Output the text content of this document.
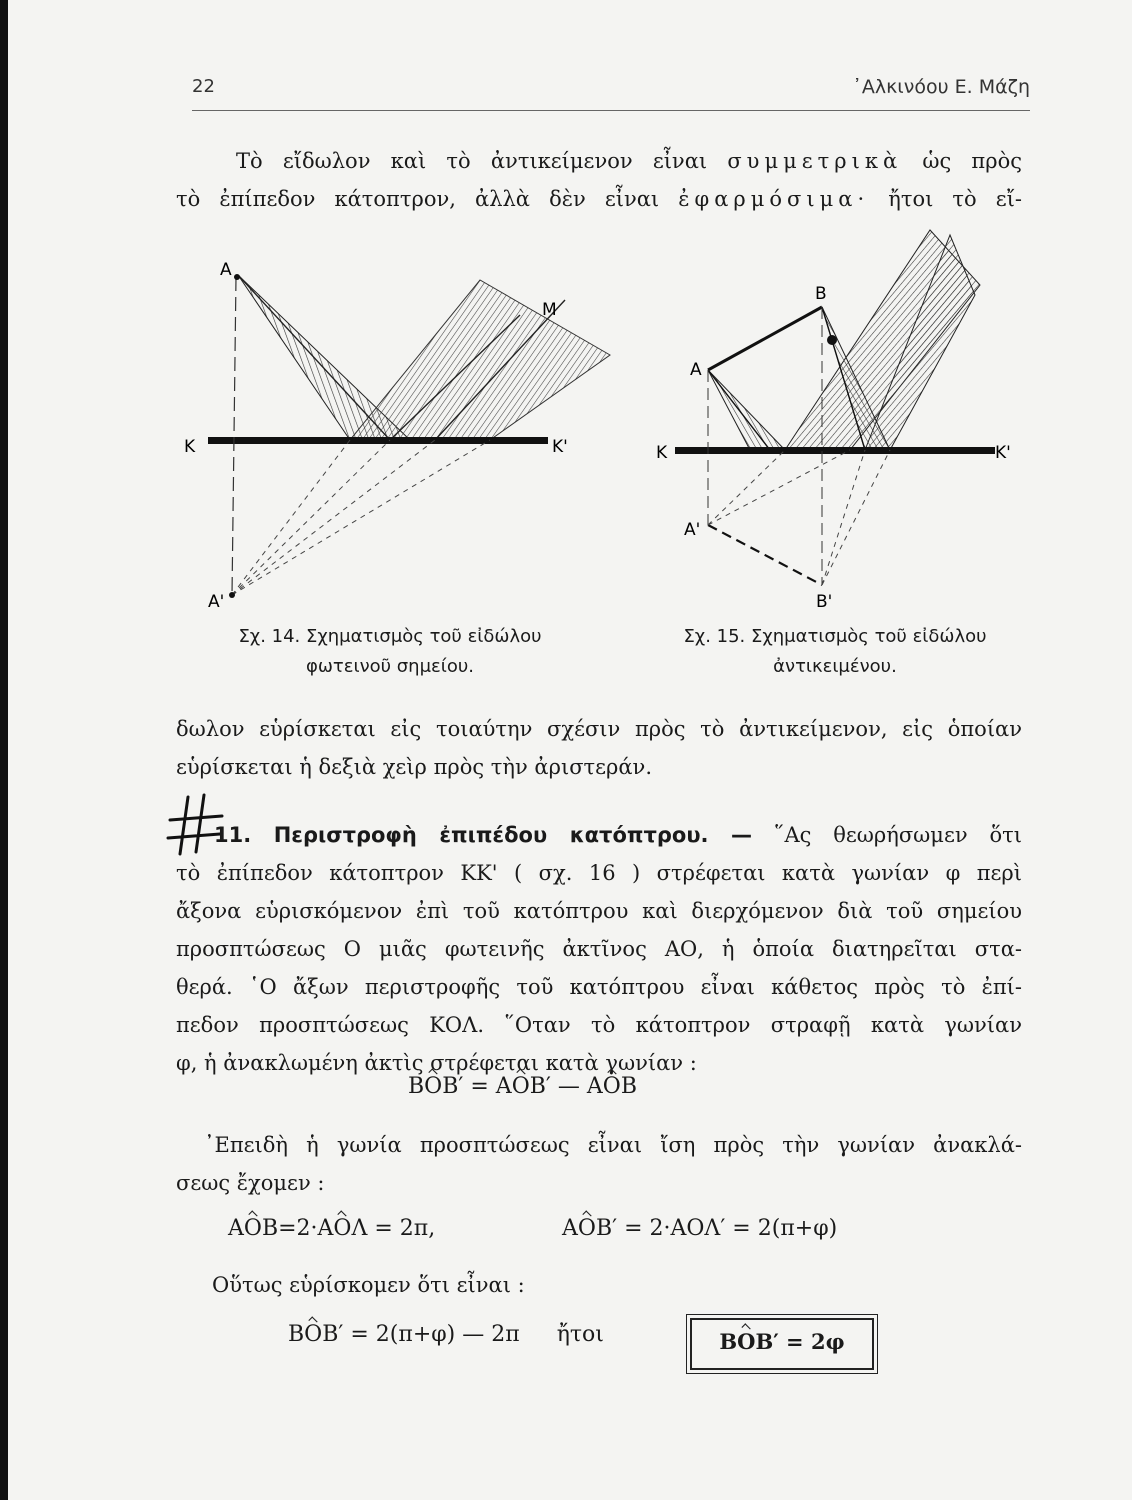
22	᾿Αλκινόου Ε. Μάζη
Τὸ εἴδωλον καὶ τὸ ἀντικείμενον εἶναι συμμετρικὰ ὡς πρὸς
τὸ ἐπίπεδον κάτοπτρον, ἀλλὰ δὲν εἶναι ἐφαρμόσιμα· ἤτοι τὸ εἴ-
A
A'
K	K'
M
A
B
A'
B'
K	K'
Σχ. 14. Σχηματισμὸς τοῦ εἰδώλου
φωτεινοῦ σημείου.
Σχ. 15. Σχηματισμὸς τοῦ εἰδώλου
ἀντικειμένου.
δωλον εὑρίσκεται εἰς τοιαύτην σχέσιν πρὸς τὸ ἀντικείμενον, εἰς ὁποίαν
εὑρίσκεται ἡ δεξιὰ χεὶρ πρὸς τὴν ἀριστεράν.
11. Περιστροφὴ ἐπιπέδου κατόπτρου. — ῞Ας θεωρήσωμεν ὅτι
τὸ ἐπίπεδον κάτοπτρον ΚΚ' ( σχ. 16 ) στρέφεται κατὰ γωνίαν φ περὶ
ἄξονα εὑρισκόμενον ἐπὶ τοῦ κατόπτρου καὶ διερχόμενον διὰ τοῦ σημείου
προσπτώσεως Ο μιᾶς φωτεινῆς ἀκτῖνος ΑΟ, ἡ ὁποία διατηρεῖται στα-
θερά. ῾Ο ἄξων περιστροφῆς τοῦ κατόπτρου εἶναι κάθετος πρὸς τὸ ἐπί-
πεδον προσπτώσεως ΚΟΛ. ῞Οταν τὸ κάτοπτρον στραφῇ κατὰ γωνίαν
φ, ἡ ἀνακλωμένη ἀκτὶς στρέφεται κατὰ γωνίαν :
BOB′ = AOB′ — AOB
᾿Επειδὴ ἡ γωνία προσπτώσεως εἶναι ἴση πρὸς τὴν γωνίαν ἀνακλά-
σεως ἔχομεν :
AOB=2·AOΛ = 2π,	AOB′ = 2·AOΛ′ = 2(π+φ)
Οὕτως εὑρίσκομεν ὅτι εἶναι :
BOB′ = 2(π+φ) — 2π ἤτοι	BOB′ = 2φ
